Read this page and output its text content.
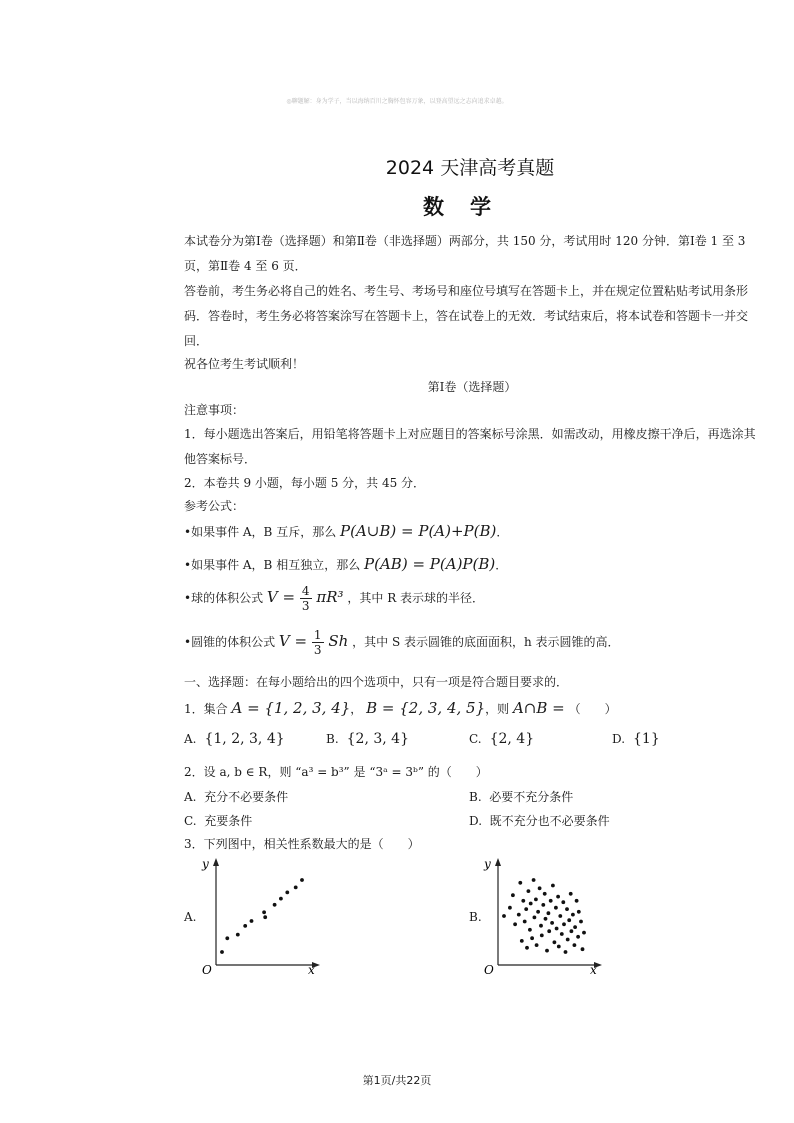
◎聊题解：身为学子，当以海纳百川之胸怀包容万象，以登高望远之志向追求卓越。
2024 天津高考真题
数学
本试卷分为第Ⅰ卷（选择题）和第Ⅱ卷（非选择题）两部分，共 150 分，考试用时 120 分钟．第Ⅰ卷 1 至 3 页，第Ⅱ卷 4 至 6 页．
答卷前，考生务必将自己的姓名、考生号、考场号和座位号填写在答题卡上，并在规定位置粘贴考试用条形码．答卷时，考生务必将答案涂写在答题卡上，答在试卷上的无效．考试结束后，将本试卷和答题卡一并交回．
祝各位考生考试顺利！
第Ⅰ卷（选择题）
注意事项：
1．每小题选出答案后，用铅笔将答题卡上对应题目的答案标号涂黑．如需改动，用橡皮擦干净后，再选涂其他答案标号．
2．本卷共 9 小题，每小题 5 分，共 45 分．
参考公式：
•如果事件 A，B 互斥，那么 P(A∪B) = P(A)+P(B)．
•如果事件 A，B 相互独立，那么 P(AB) = P(A)P(B)．
•球的体积公式 $V = \frac{4}{3} \pi R^3$ ，其中 R 表示球的半径．
•圆锥的体积公式 $V = \frac{1}{3}$ Sh ，其中 S 表示圆锥的底面面积，h 表示圆锥的高．
一、选择题：在每小题给出的四个选项中，只有一项是符合题目要求的．
1．集合 A = {1, 2, 3, 4}， B = {2, 3, 4, 5}，则 A∩B = （　　）
A. {1, 2, 3, 4}	B. {2, 3, 4}	C. {2, 4}	D. {1}
2．设 a, b ∈ R，则 “a³ = b³” 是 “3ᵃ = 3ᵇ” 的（　　）
A. 充分不必要条件	B. 必要不充分条件
C. 充要条件	D. 既不充分也不必要条件
3．下列图中，相关性系数最大的是（　　）
A.
y
x
O
B.
y
x
O
第1页/共22页
